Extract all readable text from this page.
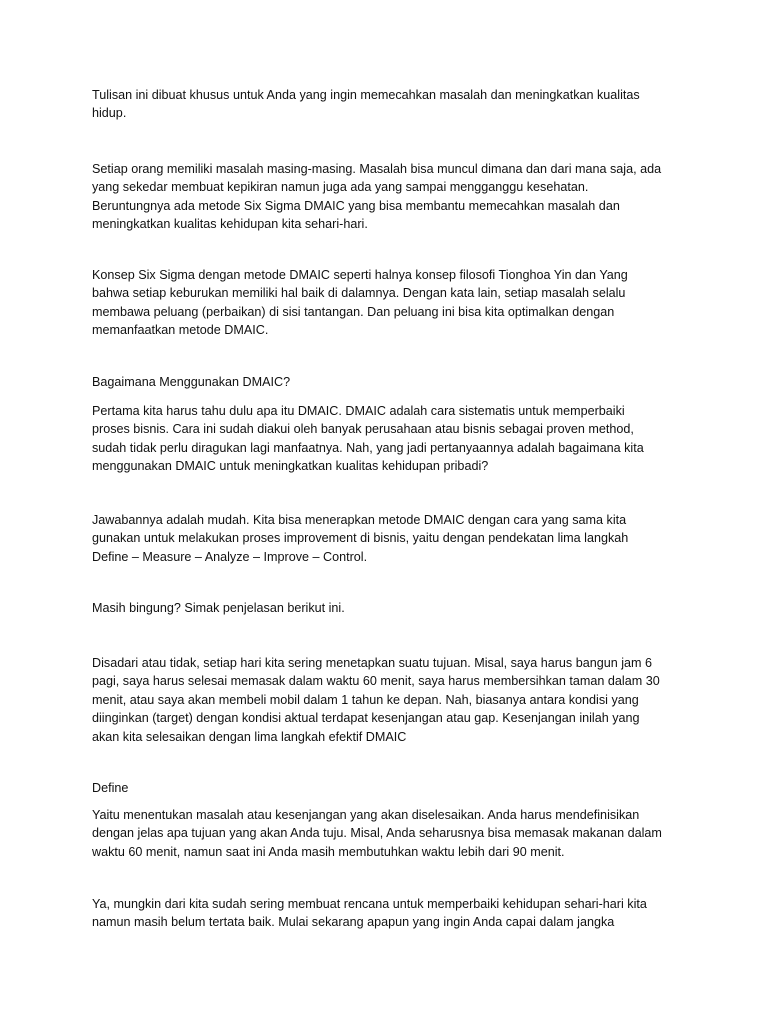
Tulisan ini dibuat khusus untuk Anda yang ingin memecahkan masalah dan meningkatkan kualitas
hidup.

Setiap orang memiliki masalah masing-masing. Masalah bisa muncul dimana dan dari mana saja, ada
yang sekedar membuat kepikiran namun juga ada yang sampai mengganggu kesehatan.
Beruntungnya ada metode Six Sigma DMAIC yang bisa membantu memecahkan masalah dan
meningkatkan kualitas kehidupan kita sehari-hari.

Konsep Six Sigma dengan metode DMAIC seperti halnya konsep filosofi Tionghoa Yin dan Yang
bahwa setiap keburukan memiliki hal baik di dalamnya. Dengan kata lain, setiap masalah selalu
membawa peluang (perbaikan) di sisi tantangan. Dan peluang ini bisa kita optimalkan dengan
memanfaatkan metode DMAIC.

Bagaimana Menggunakan DMAIC?

Pertama kita harus tahu dulu apa itu DMAIC. DMAIC adalah cara sistematis untuk memperbaiki
proses bisnis. Cara ini sudah diakui oleh banyak perusahaan atau bisnis sebagai proven method,
sudah tidak perlu diragukan lagi manfaatnya. Nah, yang jadi pertanyaannya adalah bagaimana kita
menggunakan DMAIC untuk meningkatkan kualitas kehidupan pribadi?

Jawabannya adalah mudah. Kita bisa menerapkan metode DMAIC dengan cara yang sama kita
gunakan untuk melakukan proses improvement di bisnis, yaitu dengan pendekatan lima langkah
Define – Measure – Analyze – Improve – Control.

Masih bingung? Simak penjelasan berikut ini.

Disadari atau tidak, setiap hari kita sering menetapkan suatu tujuan. Misal, saya harus bangun jam 6
pagi, saya harus selesai memasak dalam waktu 60 menit, saya harus membersihkan taman dalam 30
menit, atau saya akan membeli mobil dalam 1 tahun ke depan. Nah, biasanya antara kondisi yang
diinginkan (target) dengan kondisi aktual terdapat kesenjangan atau gap. Kesenjangan inilah yang
akan kita selesaikan dengan lima langkah efektif DMAIC

Define

Yaitu menentukan masalah atau kesenjangan yang akan diselesaikan. Anda harus mendefinisikan
dengan jelas apa tujuan yang akan Anda tuju. Misal, Anda seharusnya bisa memasak makanan dalam
waktu 60 menit, namun saat ini Anda masih membutuhkan waktu lebih dari 90 menit.

Ya, mungkin dari kita sudah sering membuat rencana untuk memperbaiki kehidupan sehari-hari kita
namun masih belum tertata baik. Mulai sekarang apapun yang ingin Anda capai dalam jangka
